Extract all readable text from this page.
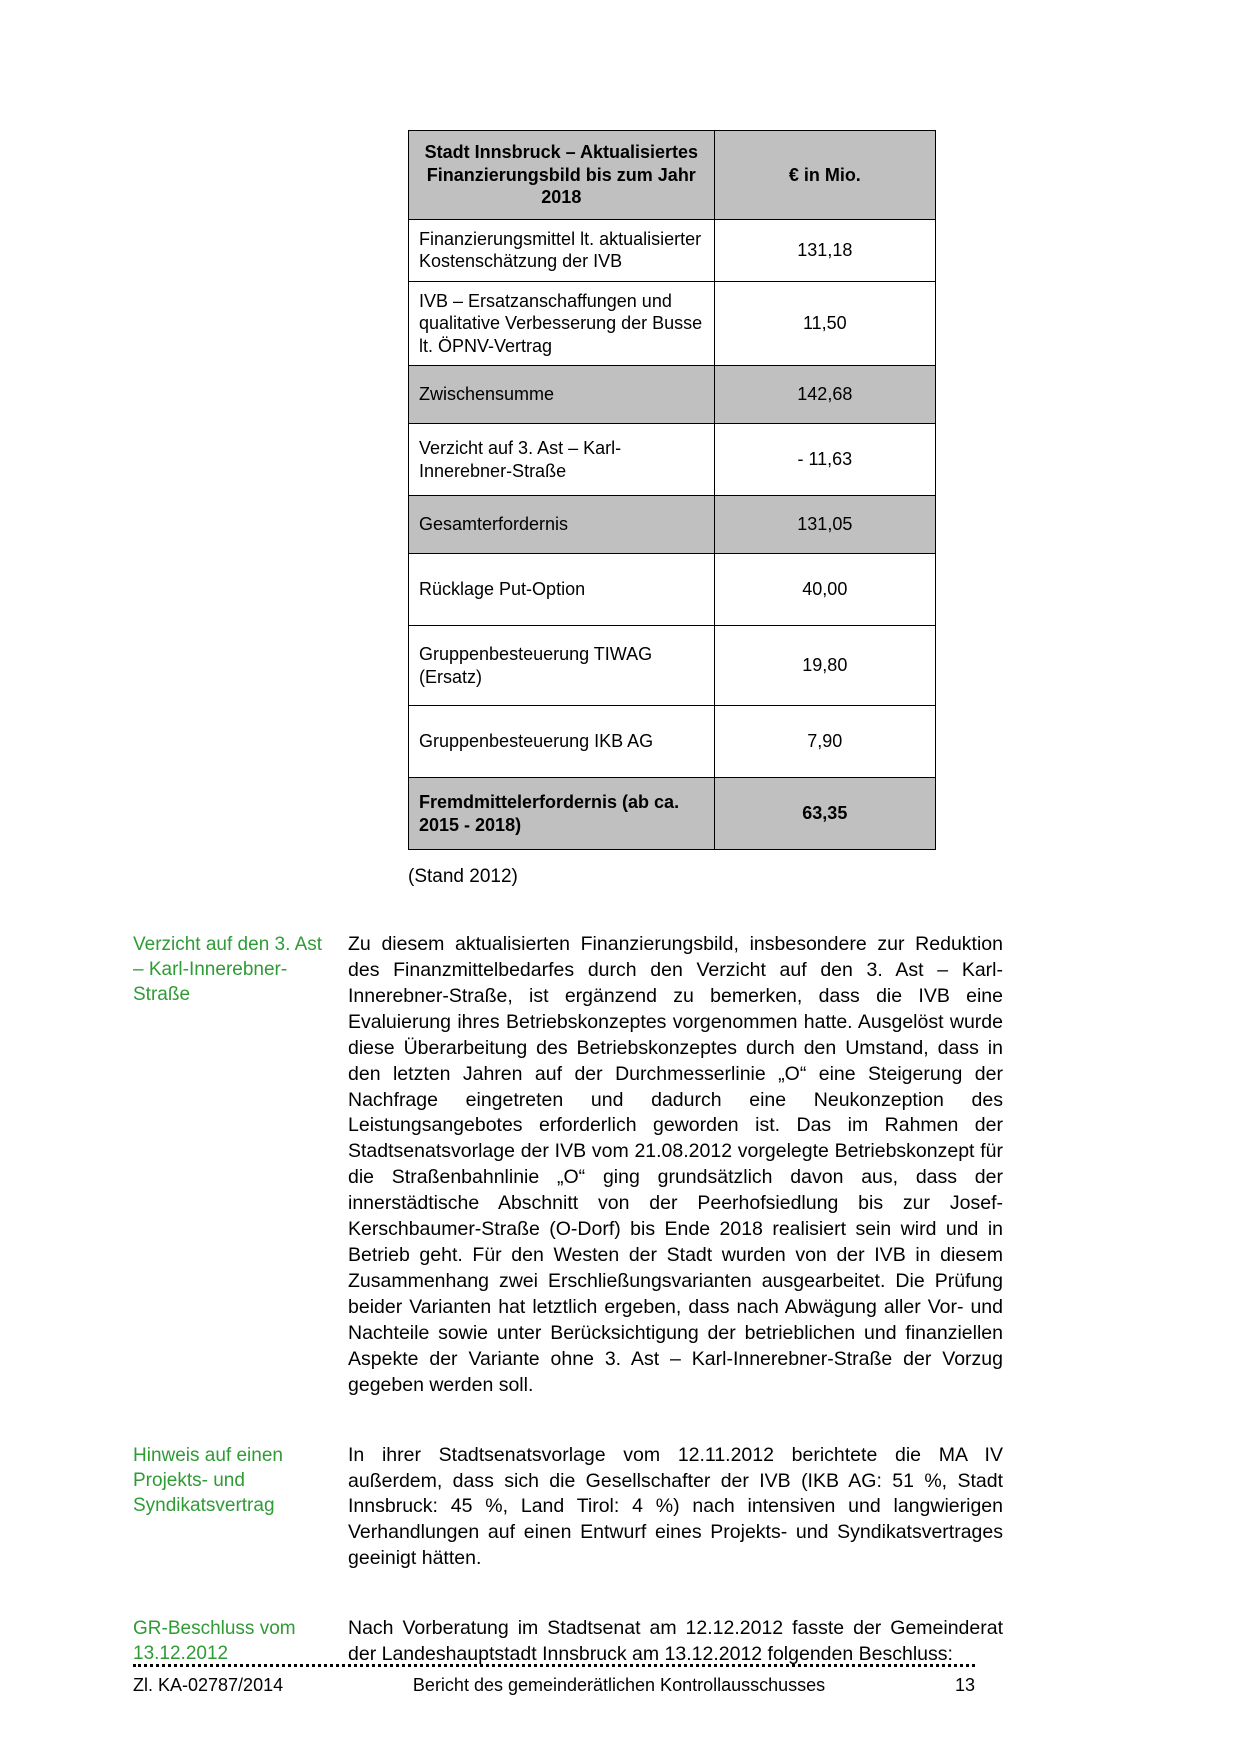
Stadt Innsbruck – Aktualisiertes Finanzierungsbild bis zum Jahr 2018	€ in Mio.
Finanzierungsmittel lt. aktualisierter Kostenschätzung der IVB	131,18
IVB – Ersatzanschaffungen und qualitative Verbesserung der Busse lt. ÖPNV-Vertrag	11,50
Zwischensumme	142,68
Verzicht auf 3. Ast – Karl-Innerebner-Straße	- 11,63
Gesamterfordernis	131,05
Rücklage Put-Option	40,00
Gruppenbesteuerung TIWAG (Ersatz)	19,80
Gruppenbesteuerung IKB AG	7,90
Fremdmittelerfordernis (ab ca. 2015 - 2018)	63,35
(Stand 2012)
Verzicht auf den 3. Ast – Karl-Innerebner-Straße
Zu diesem aktualisierten Finanzierungsbild, insbesondere zur Reduktion des Finanzmittelbedarfes durch den Verzicht auf den 3. Ast – Karl-Innerebner-Straße, ist ergänzend zu bemerken, dass die IVB eine Evaluierung ihres Betriebskonzeptes vorgenommen hatte. Ausgelöst wurde diese Überarbeitung des Betriebskonzeptes durch den Umstand, dass in den letzten Jahren auf der Durchmesserlinie „O“ eine Steigerung der Nachfrage eingetreten und dadurch eine Neukonzeption des Leistungsangebotes erforderlich geworden ist. Das im Rahmen der Stadtsenatsvorlage der IVB vom 21.08.2012 vorgelegte Betriebskonzept für die Straßenbahnlinie „O“ ging grundsätzlich davon aus, dass der innerstädtische Abschnitt von der Peerhofsiedlung bis zur Josef-Kerschbaumer-Straße (O-Dorf) bis Ende 2018 realisiert sein wird und in Betrieb geht. Für den Westen der Stadt wurden von der IVB in diesem Zusammenhang zwei Erschließungsvarianten ausgearbeitet. Die Prüfung beider Varianten hat letztlich ergeben, dass nach Abwägung aller Vor- und Nachteile sowie unter Berücksichtigung der betrieblichen und finanziellen Aspekte der Variante ohne 3. Ast – Karl-Innerebner-Straße der Vorzug gegeben werden soll.
Hinweis auf einen Projekts- und Syndikatsvertrag
In ihrer Stadtsenatsvorlage vom 12.11.2012 berichtete die MA IV außerdem, dass sich die Gesellschafter der IVB (IKB AG: 51 %, Stadt Innsbruck: 45 %, Land Tirol: 4 %) nach intensiven und langwierigen Verhandlungen auf einen Entwurf eines Projekts- und Syndikatsvertrages geeinigt hätten.
GR-Beschluss vom 13.12.2012
Nach Vorberatung im Stadtsenat am 12.12.2012 fasste der Gemeinderat der Landeshauptstadt Innsbruck am 13.12.2012 folgenden Beschluss:
Zl. KA-02787/2014	Bericht des gemeinderätlichen Kontrollausschusses	13
